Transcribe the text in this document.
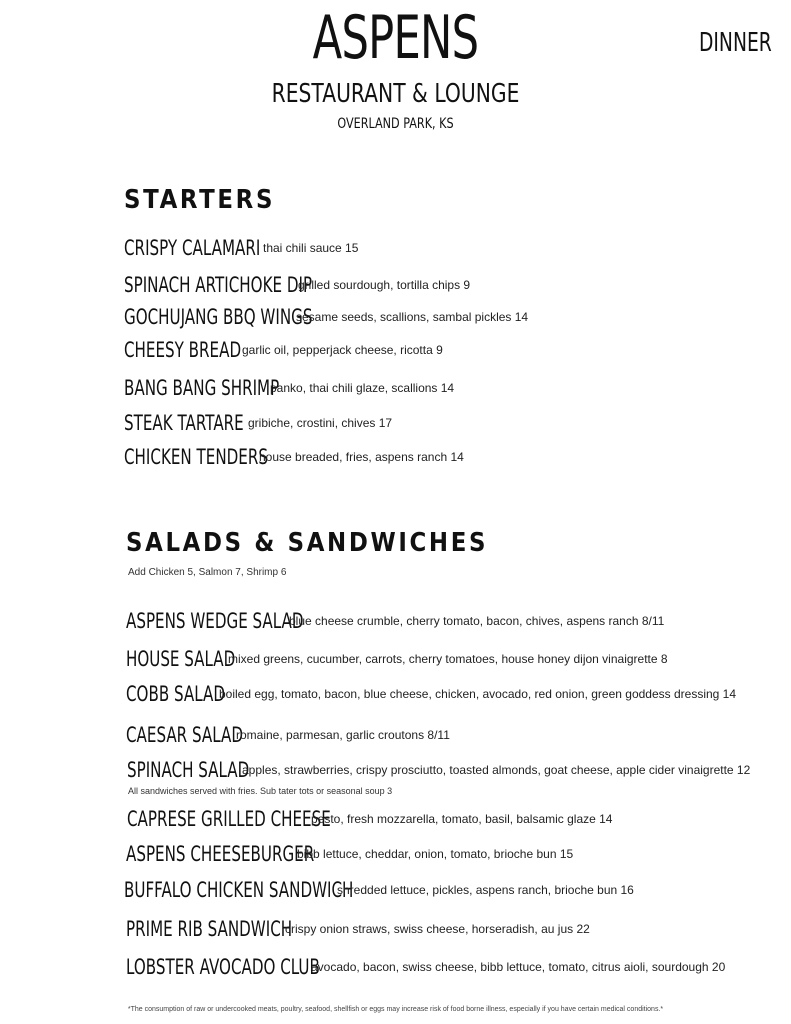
ASPENS
RESTAURANT & LOUNGE
OVERLAND PARK, KS
DINNER
STARTERS
CRISPY CALAMARI thai chili sauce 15
SPINACH ARTICHOKE DIP
grilled sourdough, tortilla chips 9
GOCHUJANG BBQ WINGS
sesame seeds, scallions, sambal pickles 14
CHEESY BREAD garlic oil, pepperjack cheese, ricotta 9
BANG BANG SHRIMP
panko, thai chili glaze, scallions 14
STEAK TARTARE gribiche, crostini, chives 17
CHICKEN TENDERS
house breaded, fries, aspens ranch 14
SALADS & SANDWICHES
Add Chicken 5, Salmon 7, Shrimp 6
ASPENS WEDGE SALAD
blue cheese crumble, cherry tomato, bacon, chives, aspens ranch 8/11
HOUSE SALAD
mixed greens, cucumber, carrots, cherry tomatoes, house honey dijon vinaigrette 8
COBB SALAD
boiled egg, tomato, bacon, blue cheese, chicken, avocado, red onion, green goddess dressing 14
CAESAR SALAD
romaine, parmesan, garlic croutons 8/11
SPINACH SALAD
apples, strawberries, crispy prosciutto, toasted almonds, goat cheese, apple cider vinaigrette 12
All sandwiches served with fries. Sub tater tots or seasonal soup 3
CAPRESE GRILLED CHEESE
pesto, fresh mozzarella, tomato, basil, balsamic glaze 14
ASPENS CHEESEBURGER
bibb lettuce, cheddar, onion, tomato, brioche bun 15
BUFFALO CHICKEN SANDWICH
shredded lettuce, pickles, aspens ranch, brioche bun 16
PRIME RIB SANDWICH
crispy onion straws, swiss cheese, horseradish, au jus 22
LOBSTER AVOCADO CLUB
avocado, bacon, swiss cheese, bibb lettuce, tomato, citrus aioli, sourdough 20
*The consumption of raw or undercooked meats, poultry, seafood, shellfish or eggs may increase risk of food borne illness, especially if you have certain medical conditions.*
